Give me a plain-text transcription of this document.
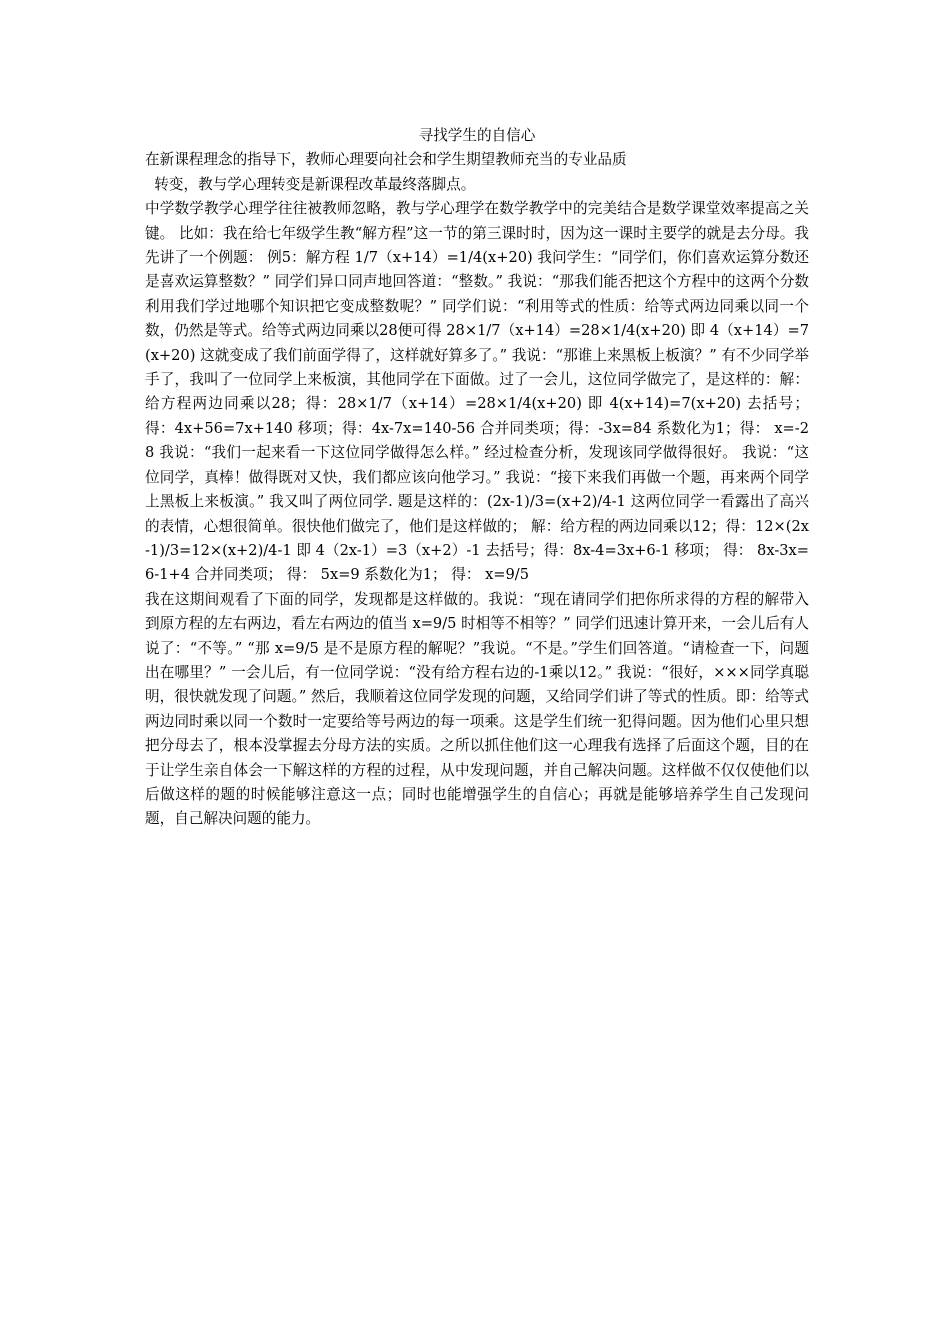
寻找学生的自信心

在新课程理念的指导下，教师心理要向社会和学生期望教师充当的专业品质

转变，教与学心理转变是新课程改革最终落脚点。

中学数学教学心理学往往被教师忽略，教与学心理学在数学教学中的完美结合是数学课堂效率提高之关键。 比如：我在给七年级学生教“解方程”这一节的第三课时时，因为这一课时主要学的就是去分母。我先讲了一个例题： 例5：解方程 1/7（x+14）=1/4(x+20) 我问学生：“同学们，你们喜欢运算分数还是喜欢运算整数？” 同学们异口同声地回答道：“整数。” 我说：“那我们能否把这个方程中的这两个分数利用我们学过地哪个知识把它变成整数呢？” 同学们说：“利用等式的性质：给等式两边同乘以同一个数，仍然是等式。给等式两边同乘以28便可得 28×1/7（x+14）=28×1/4(x+20) 即 4（x+14）=7(x+20) 这就变成了我们前面学得了，这样就好算多了。” 我说：“那谁上来黑板上板演？” 有不少同学举手了，我叫了一位同学上来板演，其他同学在下面做。过了一会儿，这位同学做完了，是这样的：解：给方程两边同乘以28；得：28×1/7（x+14）=28×1/4(x+20) 即 4(x+14)=7(x+20) 去括号；得：4x+56=7x+140 移项；得：4x-7x=140-56 合并同类项；得：-3x=84 系数化为1；得： x=-28 我说：“我们一起来看一下这位同学做得怎么样。” 经过检查分析，发现该同学做得很好。 我说：“这位同学，真棒！做得既对又快，我们都应该向他学习。” 我说：“接下来我们再做一个题，再来两个同学上黑板上来板演。” 我又叫了两位同学. 题是这样的：(2x-1)/3=(x+2)/4-1 这两位同学一看露出了高兴的表情，心想很简单。很快他们做完了，他们是这样做的； 解：给方程的两边同乘以12；得：12×(2x-1)/3=12×(x+2)/4-1 即 4（2x-1）=3（x+2）-1 去括号；得：8x-4=3x+6-1 移项； 得： 8x-3x=6-1+4 合并同类项； 得： 5x=9 系数化为1； 得： x=9/5

我在这期间观看了下面的同学，发现都是这样做的。我说：“现在请同学们把你所求得的方程的解带入到原方程的左右两边，看左右两边的值当 x=9/5 时相等不相等？” 同学们迅速计算开来，一会儿后有人说了：“不等。” “那 x=9/5 是不是原方程的解呢？”我说。“不是。”学生们回答道。“请检查一下，问题出在哪里？” 一会儿后，有一位同学说：“没有给方程右边的-1乘以12。” 我说：“很好，×××同学真聪明，很快就发现了问题。” 然后，我顺着这位同学发现的问题，又给同学们讲了等式的性质。即：给等式两边同时乘以同一个数时一定要给等号两边的每一项乘。这是学生们统一犯得问题。因为他们心里只想把分母去了，根本没掌握去分母方法的实质。之所以抓住他们这一心理我有选择了后面这个题，目的在于让学生亲自体会一下解这样的方程的过程，从中发现问题，并自己解决问题。这样做不仅仅使他们以后做这样的题的时候能够注意这一点；同时也能增强学生的自信心；再就是能够培养学生自己发现问题，自己解决问题的能力。
